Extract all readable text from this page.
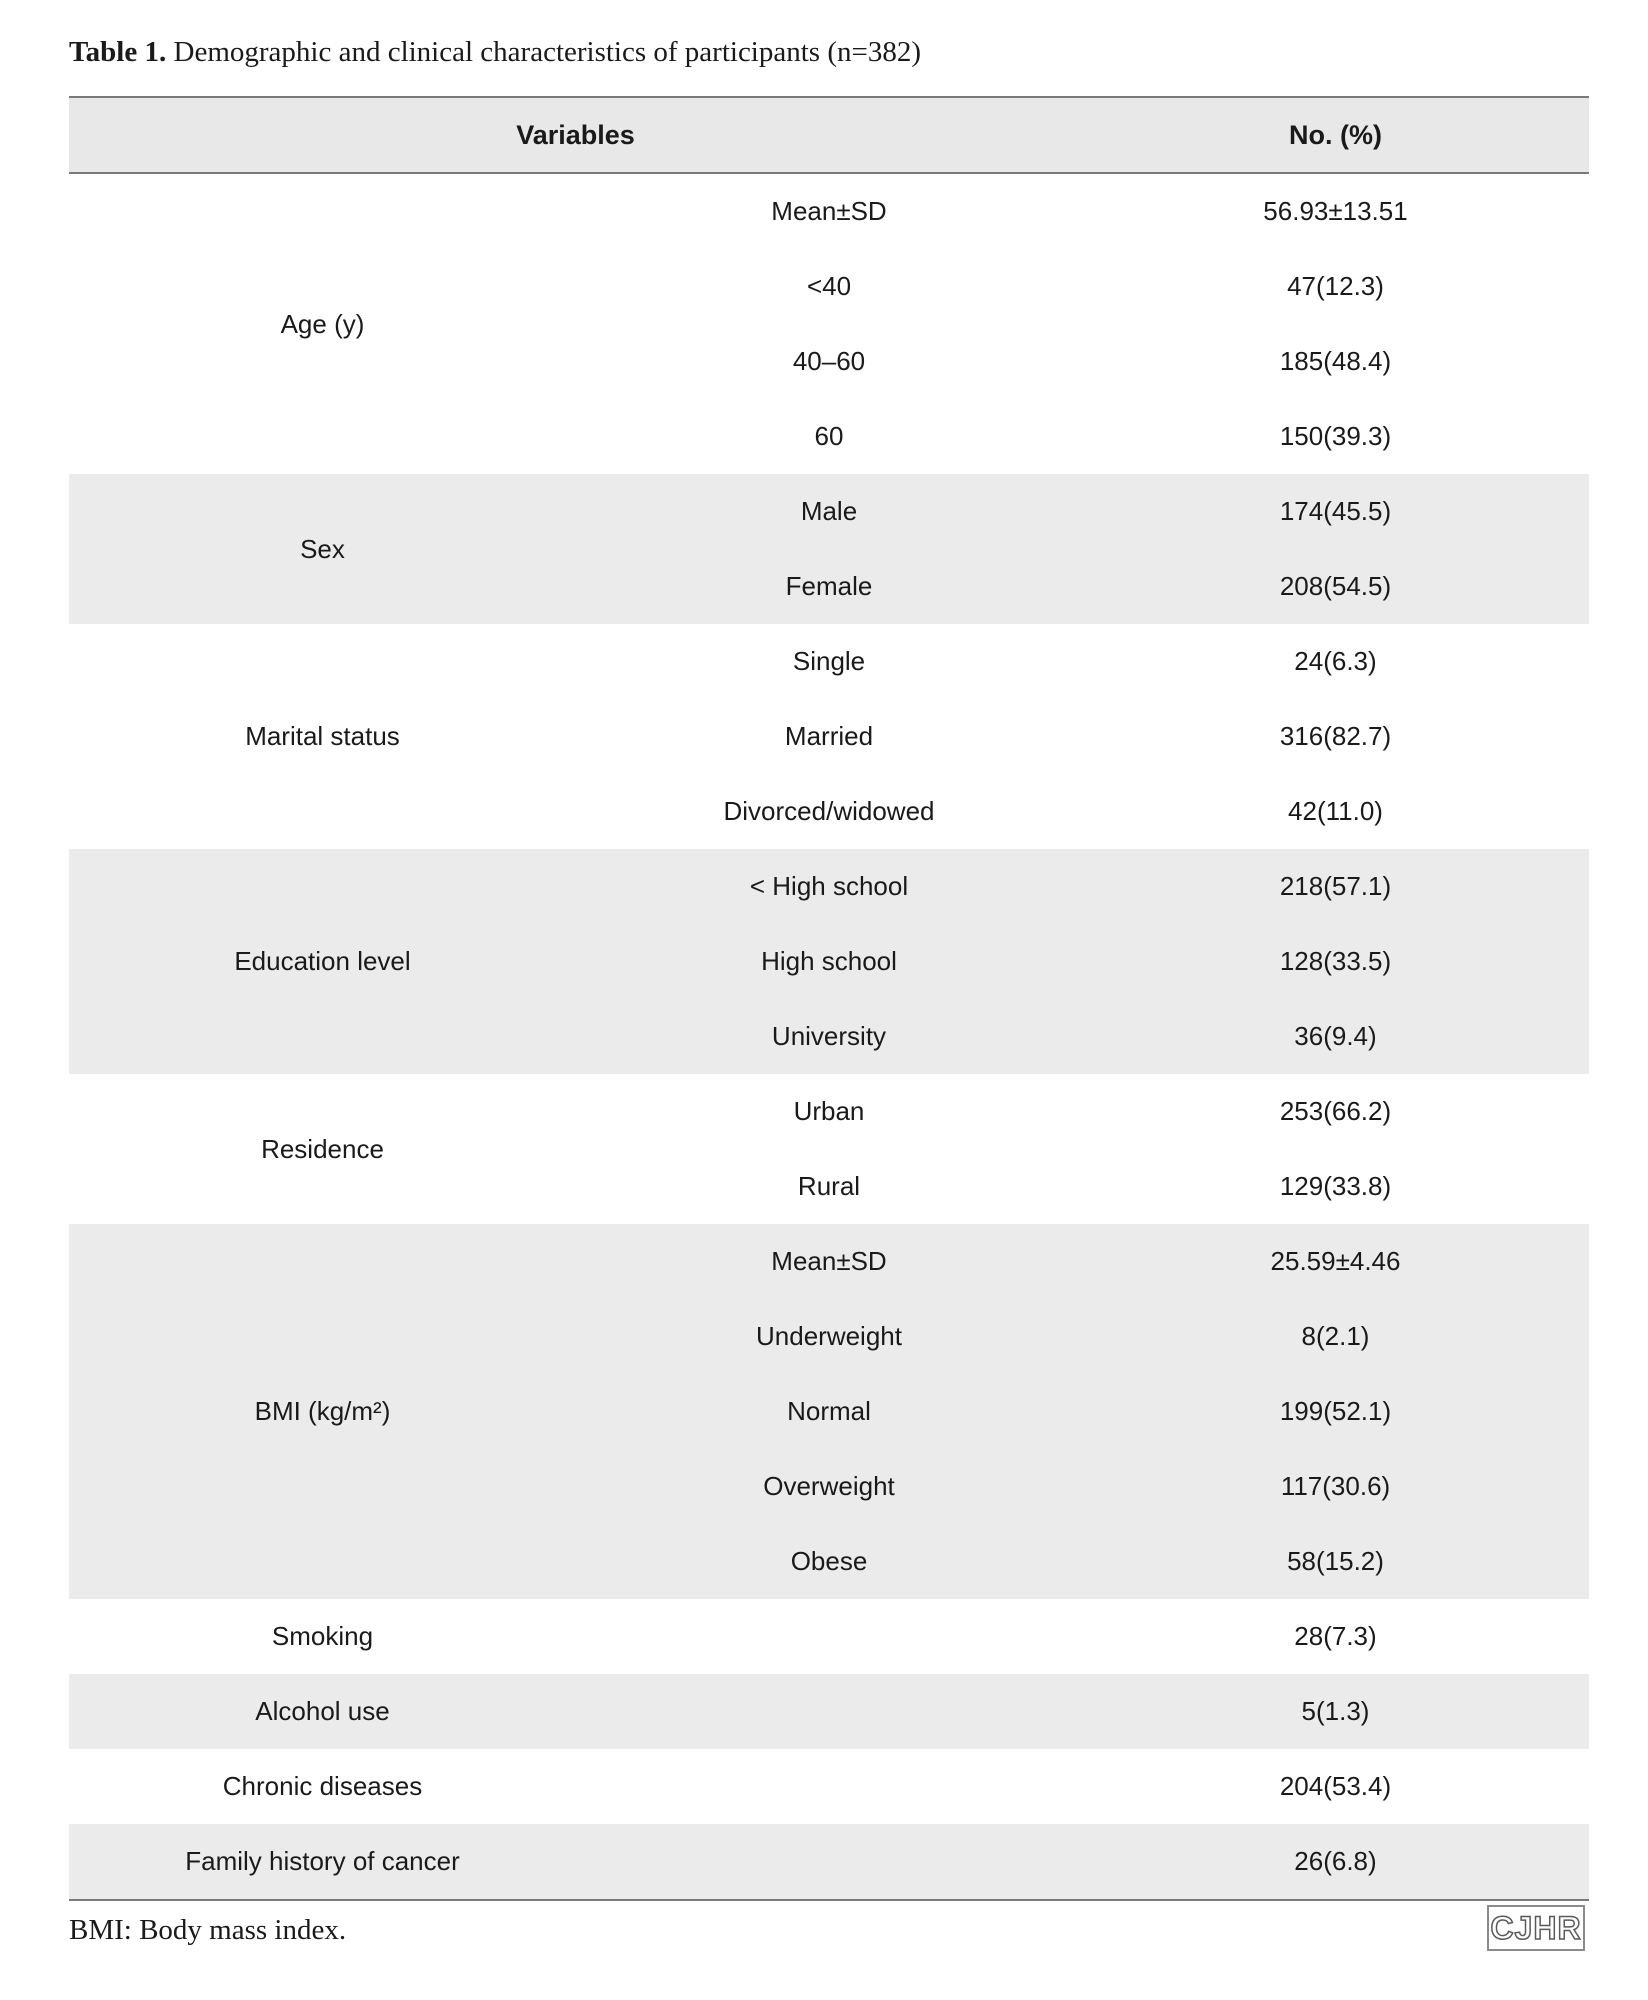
Table 1. Demographic and clinical characteristics of participants (n=382)
Variables	No. (%)
Age (y)
Mean±SD	56.93±13.51
<40	47(12.3)
40–60	185(48.4)
60	150(39.3)
Sex
Male	174(45.5)
Female	208(54.5)
Marital status
Single	24(6.3)
Married	316(82.7)
Divorced/widowed	42(11.0)
Education level
< High school	218(57.1)
High school	128(33.5)
University	36(9.4)
Residence
Urban	253(66.2)
Rural	129(33.8)
BMI (kg/m²)
Mean±SD	25.59±4.46
Underweight	8(2.1)
Normal	199(52.1)
Overweight	117(30.6)
Obese	58(15.2)
Smoking	28(7.3)
Alcohol use	5(1.3)
Chronic diseases	204(53.4)
Family history of cancer	26(6.8)
BMI: Body mass index.	CJHR
